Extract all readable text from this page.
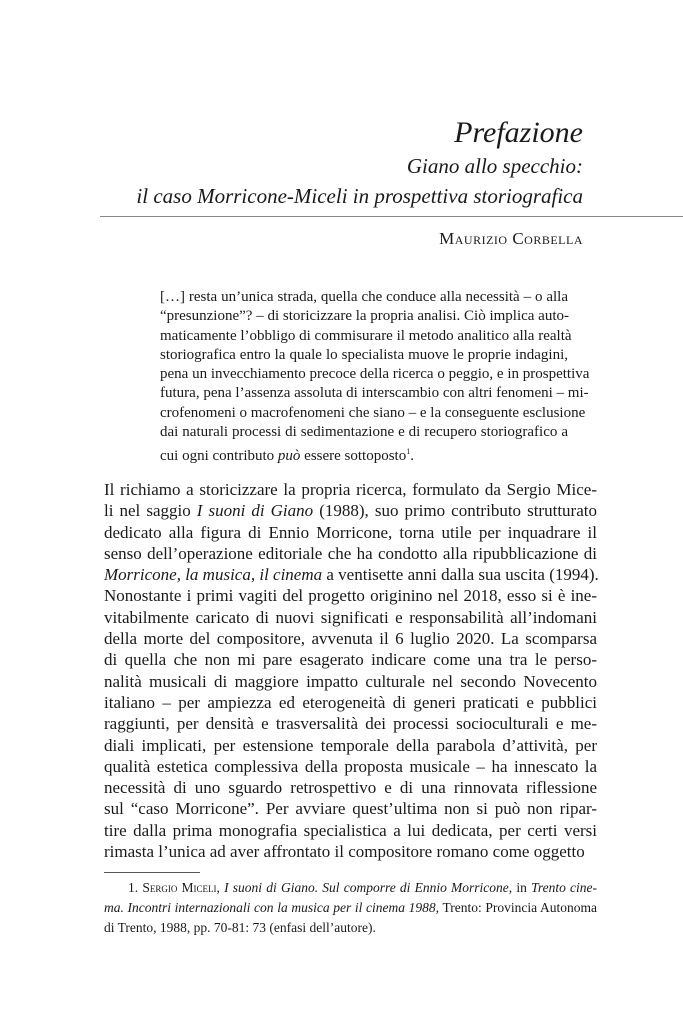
Prefazione
Giano allo specchio:
il caso Morricone-Miceli in prospettiva storiografica
Maurizio Corbella
[…] resta un’unica strada, quella che conduce alla necessità – o alla
“presunzione”? – di storicizzare la propria analisi. Ciò implica auto-
maticamente l’obbligo di commisurare il metodo analitico alla realtà
storiografica entro la quale lo specialista muove le proprie indagini,
pena un invecchiamento precoce della ricerca o peggio, e in prospettiva
futura, pena l’assenza assoluta di interscambio con altri fenomeni – mi-
crofenomeni o macrofenomeni che siano – e la conseguente esclusione
dai naturali processi di sedimentazione e di recupero storiografico a
cui ogni contributo può essere sottoposto$^1$.
Il richiamo a storicizzare la propria ricerca, formulato da Sergio Mice-
li nel saggio I suoni di Giano (1988), suo primo contributo strutturato
dedicato alla figura di Ennio Morricone, torna utile per inquadrare il
senso dell’operazione editoriale che ha condotto alla ripubblicazione di
Morricone, la musica, il cinema a ventisette anni dalla sua uscita (1994).
Nonostante i primi vagiti del progetto originino nel 2018, esso si è ine-
vitabilmente caricato di nuovi significati e responsabilità all’indomani
della morte del compositore, avvenuta il 6 luglio 2020. La scomparsa
di quella che non mi pare esagerato indicare come una tra le perso-
nalità musicali di maggiore impatto culturale nel secondo Novecento
italiano – per ampiezza ed eterogeneità di generi praticati e pubblici
raggiunti, per densità e trasversalità dei processi socioculturali e me-
diali implicati, per estensione temporale della parabola d’attività, per
qualità estetica complessiva della proposta musicale – ha innescato la
necessità di uno sguardo retrospettivo e di una rinnovata riflessione
sul “caso Morricone”. Per avviare quest’ultima non si può non ripar-
tire dalla prima monografia specialistica a lui dedicata, per certi versi
rimasta l’unica ad aver affrontato il compositore romano come oggetto
1. Sergio Miceli, I suoni di Giano. Sul comporre di Ennio Morricone, in Trento cine-
ma. Incontri internazionali con la musica per il cinema 1988, Trento: Provincia Autonoma
di Trento, 1988, pp. 70-81: 73 (enfasi dell’autore).
